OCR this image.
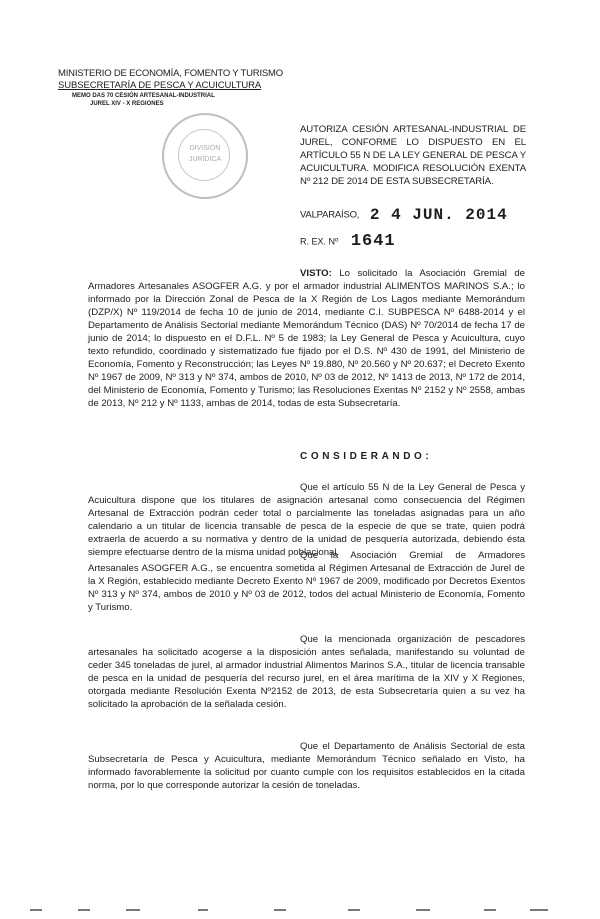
MINISTERIO DE ECONOMÍA, FOMENTO Y TURISMO
SUBSECRETARÍA DE PESCA Y ACUICULTURA
MEMO DAS 70 CESIÓN ARTESANAL-INDUSTRIAL
JUREL XIV - X REGIONES
DIVISIÓN
JURÍDICA
AUTORIZA CESIÓN ARTESANAL-INDUSTRIAL DE JUREL, CONFORME LO DISPUESTO EN EL ARTÍCULO 55 N DE LA LEY GENERAL DE PESCA Y ACUICULTURA. MODIFICA RESOLUCIÓN EXENTA Nº 212 DE 2014 DE ESTA SUBSECRETARÍA.
VALPARAÍSO, 2 4 JUN. 2014
R. EX. Nº 1641
VISTO: Lo solicitado la Asociación Gremial de Armadores Artesanales ASOGFER A.G. y por el armador industrial ALIMENTOS MARINOS S.A.; lo informado por la Dirección Zonal de Pesca de la X Región de Los Lagos mediante Memorándum (DZP/X) Nº 119/2014 de fecha 10 de junio de 2014, mediante C.I. SUBPESCA Nº 6488-2014 y el Departamento de Análisis Sectorial mediante Memorándum Técnico (DAS) Nº 70/2014 de fecha 17 de junio de 2014; lo dispuesto en el D.F.L. Nº 5 de 1983; la Ley General de Pesca y Acuicultura, cuyo texto refundido, coordinado y sistematizado fue fijado por el D.S. Nº 430 de 1991, del Ministerio de Economía, Fomento y Reconstrucción; las Leyes Nº 19.880, Nº 20.560 y Nº 20.637; el Decreto Exento Nº 1967 de 2009, Nº 313 y Nº 374, ambos de 2010, Nº 03 de 2012, Nº 1413 de 2013, Nº 172 de 2014, del Ministerio de Economía, Fomento y Turismo; las Resoluciones Exentas Nº 2152 y Nº 2558, ambas de 2013, Nº 212 y Nº 1133, ambas de 2014, todas de esta Subsecretaría.
CONSIDERANDO:
Que el artículo 55 N de la Ley General de Pesca y Acuicultura dispone que los titulares de asignación artesanal como consecuencia del Régimen Artesanal de Extracción podrán ceder total o parcialmente las toneladas asignadas para un año calendario a un titular de licencia transable de pesca de la especie de que se trate, quien podrá extraerla de acuerdo a su normativa y dentro de la unidad de pesquería autorizada, debiendo ésta siempre efectuarse dentro de la misma unidad poblacional.
Que la Asociación Gremial de Armadores Artesanales ASOGFER A.G., se encuentra sometida al Régimen Artesanal de Extracción de Jurel de la X Región, establecido mediante Decreto Exento Nº 1967 de 2009, modificado por Decretos Exentos Nº 313 y Nº 374, ambos de 2010 y Nº 03 de 2012, todos del actual Ministerio de Economía, Fomento y Turismo.
Que la mencionada organización de pescadores artesanales ha solicitado acogerse a la disposición antes señalada, manifestando su voluntad de ceder 345 toneladas de jurel, al armador industrial Alimentos Marinos S.A., titular de licencia transable de pesca en la unidad de pesquería del recurso jurel, en el área marítima de la XIV y X Regiones, otorgada mediante Resolución Exenta Nº2152 de 2013, de esta Subsecretaría quien a su vez ha solicitado la aprobación de la señalada cesión.
Que el Departamento de Análisis Sectorial de esta Subsecretaría de Pesca y Acuicultura, mediante Memorándum Técnico señalado en Visto, ha informado favorablemente la solicitud por cuanto cumple con los requisitos establecidos en la citada norma, por lo que corresponde autorizar la cesión de toneladas.
